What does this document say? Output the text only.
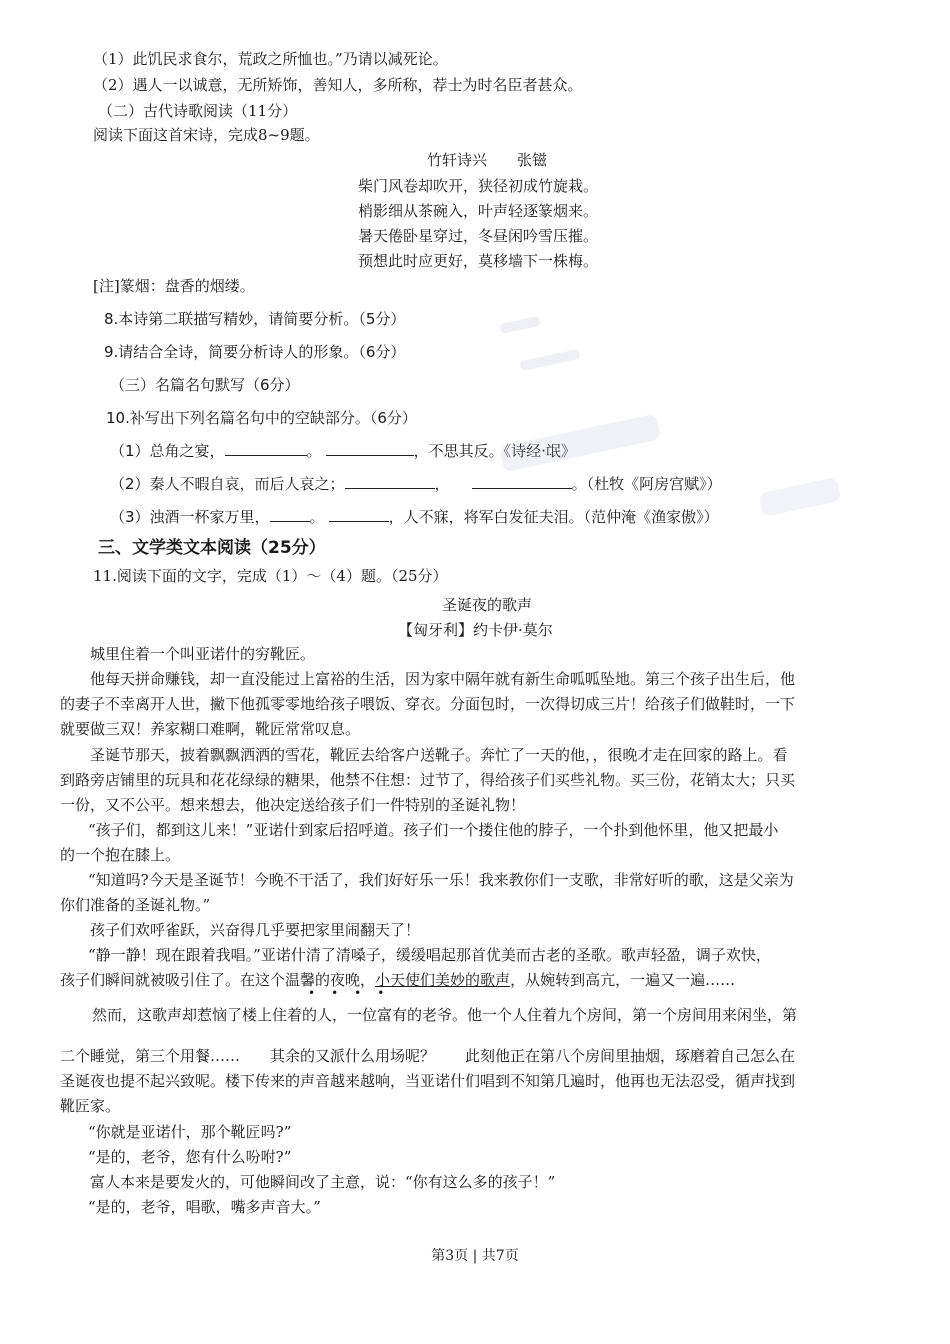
（1）此饥民求食尔，荒政之所恤也。”乃请以减死论。
（2）遇人一以诚意，无所矫饰，善知人，多所称，荐士为时名臣者甚众。
（二）古代诗歌阅读（11分）
阅读下面这首宋诗，完成8~9题。
竹轩诗兴 张镃
柴门风卷却吹开，狭径初成竹旋栽。
梢影细从茶碗入，叶声轻逐篆烟来。
暑天倦卧星穿过，冬昼闲吟雪压摧。
预想此时应更好，莫移墙下一株梅。
[注]篆烟：盘香的烟缕。
8.本诗第二联描写精妙，请简要分析。（5分）
9.请结合全诗，简要分析诗人的形象。（6分）
（三）名篇名句默写（6分）
10.补写出下列名篇名句中的空缺部分。（6分）
（1）总角之宴，	。	，不思其反。《诗经·氓》
（2）秦人不暇自哀，而后人哀之；	，	。（杜牧《阿房宫赋》）
（3）浊酒一杯家万里，	。	，人不寐，将军白发征夫泪。（范仲淹《渔家傲》）
三、文学类文本阅读（25分）
11.阅读下面的文字，完成（1）～（4）题。（25分）
圣诞夜的歌声
【匈牙利】约卡伊·莫尔
城里住着一个叫亚诺什的穷靴匠。
他每天拼命赚钱，却一直没能过上富裕的生活，因为家中隔年就有新生命呱呱坠地。第三个孩子出生后，他
的妻子不幸离开人世，撇下他孤零零地给孩子喂饭、穿衣。分面包时，一次得切成三片！给孩子们做鞋时，一下
就要做三双！养家糊口难啊，靴匠常常叹息。
圣诞节那天，披着飘飘洒洒的雪花，靴匠去给客户送靴子。奔忙了一天的他，，很晚才走在回家的路上。看
到路旁店铺里的玩具和花花绿绿的糖果，他禁不住想：过节了，得给孩子们买些礼物。买三份，花销太大；只买
一份，又不公平。想来想去，他决定送给孩子们一件特别的圣诞礼物！
“孩子们，都到这儿来！”亚诺什到家后招呼道。孩子们一个搂住他的脖子，一个扑到他怀里，他又把最小
的一个抱在膝上。
“知道吗?今天是圣诞节！今晚不干活了，我们好好乐一乐！我来教你们一支歌，非常好听的歌，这是父亲为
你们准备的圣诞礼物。”
孩子们欢呼雀跃，兴奋得几乎要把家里闹翻天了！
“静一静！现在跟着我唱。”亚诺什清了清嗓子，缓缓唱起那首优美而古老的圣歌。歌声轻盈，调子欢快，
孩子们瞬间就被吸引住了。在这个温馨的夜晚，小天使们美妙的歌声，从婉转到高亢，一遍又一遍……
••••
然而，这歌声却惹恼了楼上住着的人，一位富有的老爷。他一个人住着九个房间，第一个房间用来闲坐，第
二个睡觉，第三个用餐……　　其余的又派什么用场呢？　　此刻他正在第八个房间里抽烟，琢磨着自己怎么在
圣诞夜也提不起兴致呢。楼下传来的声音越来越响，当亚诺什们唱到不知第几遍时，他再也无法忍受，循声找到
靴匠家。
“你就是亚诺什，那个靴匠吗?”
“是的，老爷，您有什么吩咐?”
富人本来是要发火的，可他瞬间改了主意，说：“你有这么多的孩子！”
“是的，老爷，唱歌，嘴多声音大。”
第3页 | 共7页
